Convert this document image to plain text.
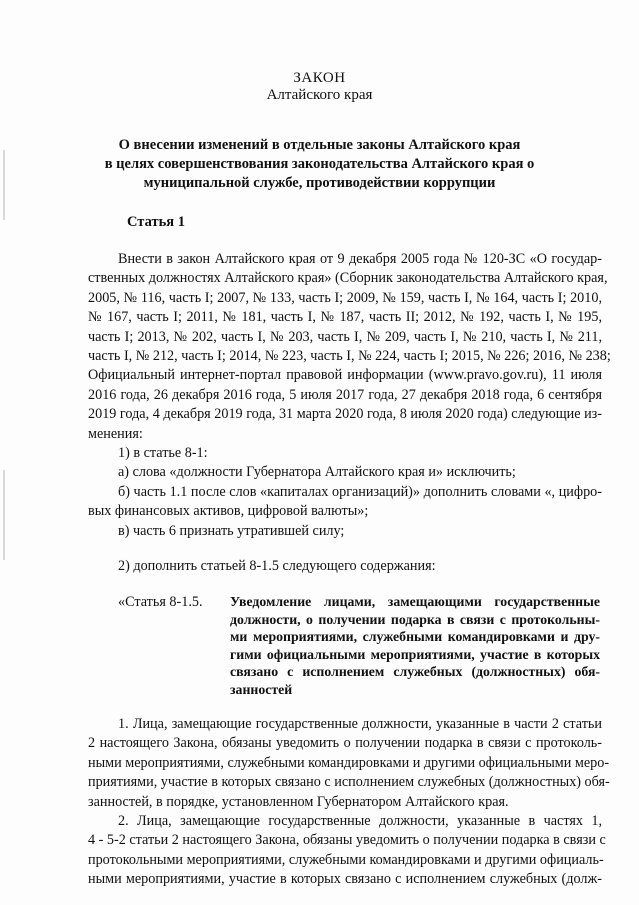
ЗАКОН
Алтайского края
О внесении изменений в отдельные законы Алтайского края
в целях совершенствования законодательства Алтайского края о
муниципальной службе, противодействии коррупции
Статья 1
Внести в закон Алтайского края от 9 декабря 2005 года № 120-ЗС «О государ-
ственных должностях Алтайского края» (Сборник законодательства Алтайского края,
2005, № 116, часть I; 2007, № 133, часть I; 2009, № 159, часть I, № 164, часть I; 2010,
№ 167, часть I; 2011, № 181, часть I, № 187, часть II; 2012, № 192, часть I, № 195,
часть I; 2013, № 202, часть I, № 203, часть I, № 209, часть I, № 210, часть I, № 211,
часть I, № 212, часть I; 2014, № 223, часть I, № 224, часть I; 2015, № 226; 2016, № 238;
Официальный интернет-портал правовой информации (www.pravo.gov.ru), 11 июля
2016 года, 26 декабря 2016 года, 5 июля 2017 года, 27 декабря 2018 года, 6 сентября
2019 года, 4 декабря 2019 года, 31 марта 2020 года, 8 июля 2020 года) следующие из-
менения:
1) в статье 8-1:
а) слова «должности Губернатора Алтайского края и» исключить;
б) часть 1.1 после слов «капиталах организаций)» дополнить словами «, цифро-
вых финансовых активов, цифровой валюты»;
в) часть 6 признать утратившей силу;
2) дополнить статьей 8-1.5 следующего содержания:
«Статья 8-1.5. Уведомление лицами, замещающими государственные
должности, о получении подарка в связи с протокольны-
ми мероприятиями, служебными командировками и дру-
гими официальными мероприятиями, участие в которых
связано с исполнением служебных (должностных) обя-
занностей
1. Лица, замещающие государственные должности, указанные в части 2 статьи
2 настоящего Закона, обязаны уведомить о получении подарка в связи с протоколь-
ными мероприятиями, служебными командировками и другими официальными меро-
приятиями, участие в которых связано с исполнением служебных (должностных) обя-
занностей, в порядке, установленном Губернатором Алтайского края.
2. Лица, замещающие государственные должности, указанные в частях 1,
4 - 5-2 статьи 2 настоящего Закона, обязаны уведомить о получении подарка в связи с
протокольными мероприятиями, служебными командировками и другими официаль-
ными мероприятиями, участие в которых связано с исполнением служебных (долж-
